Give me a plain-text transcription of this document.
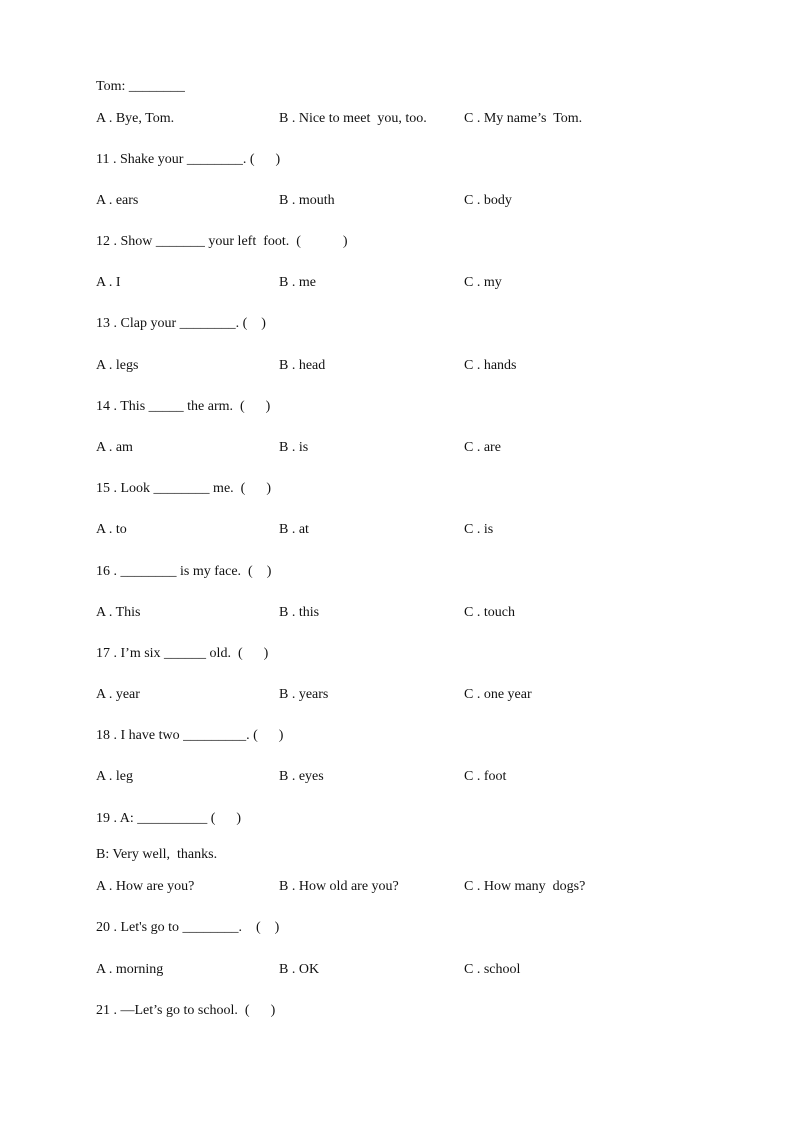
Tom: ________
A . Bye, Tom.	B . Nice to meet  you, too.	C . My name’s  Tom.
11 . Shake your ________. (      )
A . ears	B . mouth	C . body
12 . Show _______ your left  foot.  (            )
A . I	B . me	C . my
13 . Clap your ________. (    )
A . legs	B . head	C . hands
14 . This _____ the arm.  (      )
A . am	B . is	C . are
15 . Look ________ me.  (      )
A . to	B . at	C . is
16 . ________ is my face.  (    )
A . This	B . this	C . touch
17 . I’m six ______ old.  (      )
A . year	B . years	C . one year
18 . I have two _________. (      )
A . leg	B . eyes	C . foot
19 . A: __________ (      )
B: Very well,  thanks.
A . How are you?	B . How old are you?	C . How many  dogs?
20 . Let's go to ________.    (    )
A . morning	B . OK	C . school
21 . —Let’s go to school.  (      )
